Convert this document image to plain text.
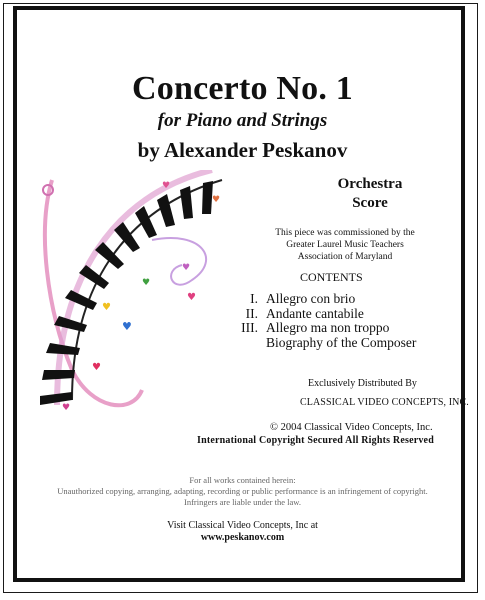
Concerto No. 1
for Piano and Strings
by Alexander Peskanov
Orchestra
Score
This piece was commissioned by the
Greater Laurel Music Teachers
Association of Maryland
CONTENTS
I. Allegro con brio
II. Andante cantabile
III. Allegro ma non troppo
Biography of the Composer
Exclusively Distributed By
CLASSICAL VIDEO CONCEPTS, INC.
© 2004 Classical Video Concepts, Inc.
International Copyright Secured All Rights Reserved
For all works contained herein:
Unauthorized copying, arranging, adapting, recording or public performance is an infringement of copyright.
Infringers are liable under the law.
Visit Classical Video Concepts, Inc at
www.peskanov.com
♥
♥
♥
♥
♥
♥
♥
♥
♥
